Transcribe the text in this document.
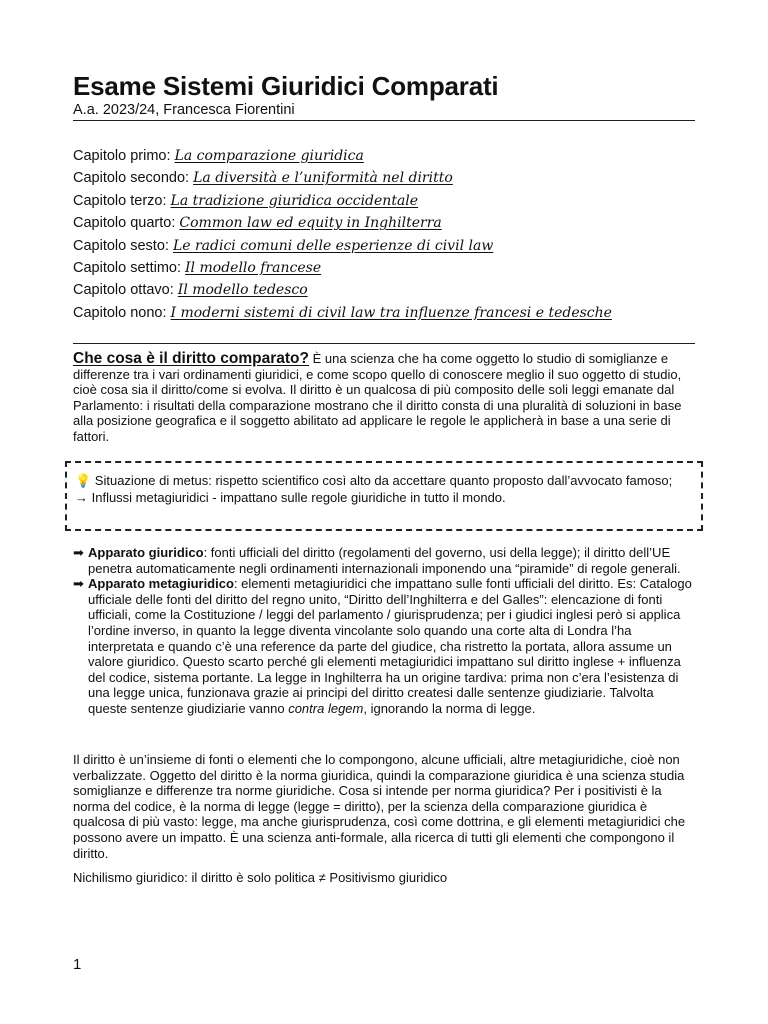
Esame Sistemi Giuridici Comparati
A.a. 2023/24, Francesca Fiorentini
Capitolo primo: La comparazione giuridica
Capitolo secondo: La diversità e l’uniformità nel diritto
Capitolo terzo: La tradizione giuridica occidentale
Capitolo quarto: Common law ed equity in Inghilterra
Capitolo sesto: Le radici comuni delle esperienze di civil law
Capitolo settimo: Il modello francese
Capitolo ottavo: Il modello tedesco
Capitolo nono: I moderni sistemi di civil law tra influenze francesi e tedesche

Che cosa è il diritto comparato? È una scienza che ha come oggetto lo studio di somiglianze e differenze tra i vari ordinamenti giuridici, e come scopo quello di conoscere meglio il suo oggetto di studio, cioè cosa sia il diritto/come si evolva. Il diritto è un qualcosa di più composito delle soli leggi emanate dal Parlamento: i risultati della comparazione mostrano che il diritto consta di una pluralità di soluzioni in base alla posizione geografica e il soggetto abilitato ad applicare le regole le applicherà in base a una serie di fattori.

💡 Situazione di metus: rispetto scientifico così alto da accettare quanto proposto dall’avvocato famoso;
→ Influssi metagiuridici - impattano sulle regole giuridiche in tutto il mondo.
➡ Apparato giuridico: fonti ufficiali del diritto (regolamenti del governo, usi della legge); il diritto dell’UE penetra automaticamente negli ordinamenti internazionali imponendo una “piramide” di regole generali.
➡ Apparato metagiuridico: elementi metagiuridici che impattano sulle fonti ufficiali del diritto. Es: Catalogo ufficiale delle fonti del diritto del regno unito, “Diritto dell’Inghilterra e del Galles”: elencazione di fonti ufficiali, come la Costituzione / leggi del parlamento / giurisprudenza; per i giudici inglesi però si applica l’ordine inverso, in quanto la legge diventa vincolante solo quando una corte alta di Londra l’ha interpretata e quando c’è una reference da parte del giudice, cha ristretto la portata, allora assume un valore giuridico. Questo scarto perché gli elementi metagiuridici impattano sul diritto inglese + influenza del codice, sistema portante. La legge in Inghilterra ha un origine tardiva: prima non c’era l’esistenza di una legge unica, funzionava grazie ai principi del diritto createsi dalle sentenze giudiziarie. Talvolta queste sentenze giudiziarie vanno contra legem, ignorando la norma di legge.

Il diritto è un’insieme di fonti o elementi che lo compongono, alcune ufficiali, altre metagiuridiche, cioè non verbalizzate. Oggetto del diritto è la norma giuridica, quindi la comparazione giuridica è una scienza studia somiglianze e differenze tra norme giuridiche. Cosa si intende per norma giuridica? Per i positivisti è la norma del codice, è la norma di legge (legge = diritto), per la scienza della comparazione giuridica è qualcosa di più vasto: legge, ma anche giurisprudenza, così come dottrina, e gli elementi metagiuridici che possono avere un impatto. È una scienza anti-formale, alla ricerca di tutti gli elementi che compongono il diritto.

Nichilismo giuridico: il diritto è solo politica ≠ Positivismo giuridico

1
